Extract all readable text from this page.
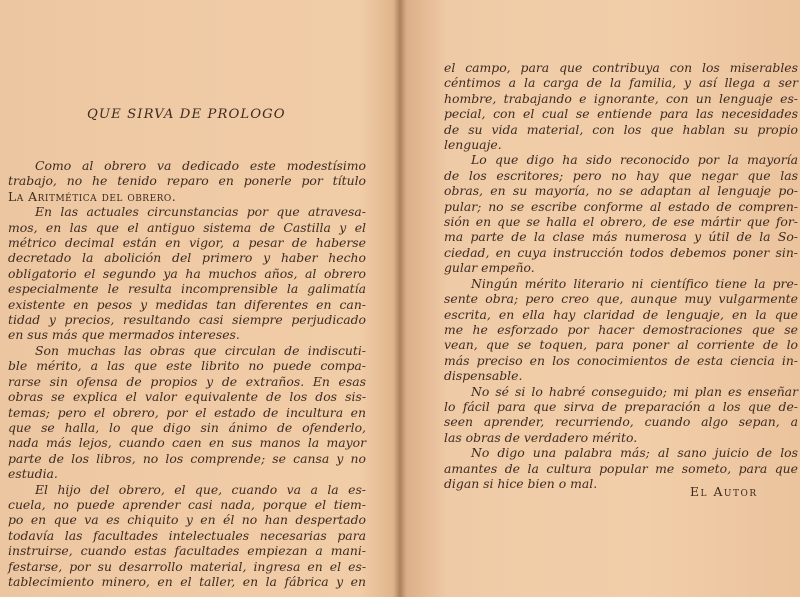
QUE SIRVA DE PROLOGO
Como al obrero va dedicado este modestísimo
trabajo, no he tenido reparo en ponerle por título
La Aritmética del obrero.
En las actuales circunstancias por que atravesa-
mos, en las que el antiguo sistema de Castilla y el
métrico decimal están en vigor, a pesar de haberse
decretado la abolición del primero y haber hecho
obligatorio el segundo ya ha muchos años, al obrero
especialmente le resulta incomprensible la galimatía
existente en pesos y medidas tan diferentes en can-
tidad y precios, resultando casi siempre perjudicado
en sus más que mermados intereses.
Son muchas las obras que circulan de indiscuti-
ble mérito, a las que este librito no puede compa-
rarse sin ofensa de propios y de extraños. En esas
obras se explica el valor equivalente de los dos sis-
temas; pero el obrero, por el estado de incultura en
que se halla, lo que digo sin ánimo de ofenderlo,
nada más lejos, cuando caen en sus manos la mayor
parte de los libros, no los comprende; se cansa y no
estudia.
El hijo del obrero, el que, cuando va a la es-
cuela, no puede aprender casi nada, porque el tiem-
po en que va es chiquito y en él no han despertado
todavía las facultades intelectuales necesarias para
instruirse, cuando estas facultades empiezan a mani-
festarse, por su desarrollo material, ingresa en el es-
tablecimiento minero, en el taller, en la fábrica y en
el campo, para que contribuya con los miserables
céntimos a la carga de la familia, y así llega a ser
hombre, trabajando e ignorante, con un lenguaje es-
pecial, con el cual se entiende para las necesidades
de su vida material, con los que hablan su propio
lenguaje.
Lo que digo ha sido reconocido por la mayoría
de los escritores; pero no hay que negar que las
obras, en su mayoría, no se adaptan al lenguaje po-
pular; no se escribe conforme al estado de compren-
sión en que se halla el obrero, de ese mártir que for-
ma parte de la clase más numerosa y útil de la So-
ciedad, en cuya instrucción todos debemos poner sin-
gular empeño.
Ningún mérito literario ni científico tiene la pre-
sente obra; pero creo que, aunque muy vulgarmente
escrita, en ella hay claridad de lenguaje, en la que
me he esforzado por hacer demostraciones que se
vean, que se toquen, para poner al corriente de lo
más preciso en los conocimientos de esta ciencia in-
dispensable.
No sé si lo habré conseguido; mi plan es enseñar
lo fácil para que sirva de preparación a los que de-
seen aprender, recurriendo, cuando algo sepan, a
las obras de verdadero mérito.
No digo una palabra más; al sano juicio de los
amantes de la cultura popular me someto, para que
digan si hice bien o mal.
El Autor
